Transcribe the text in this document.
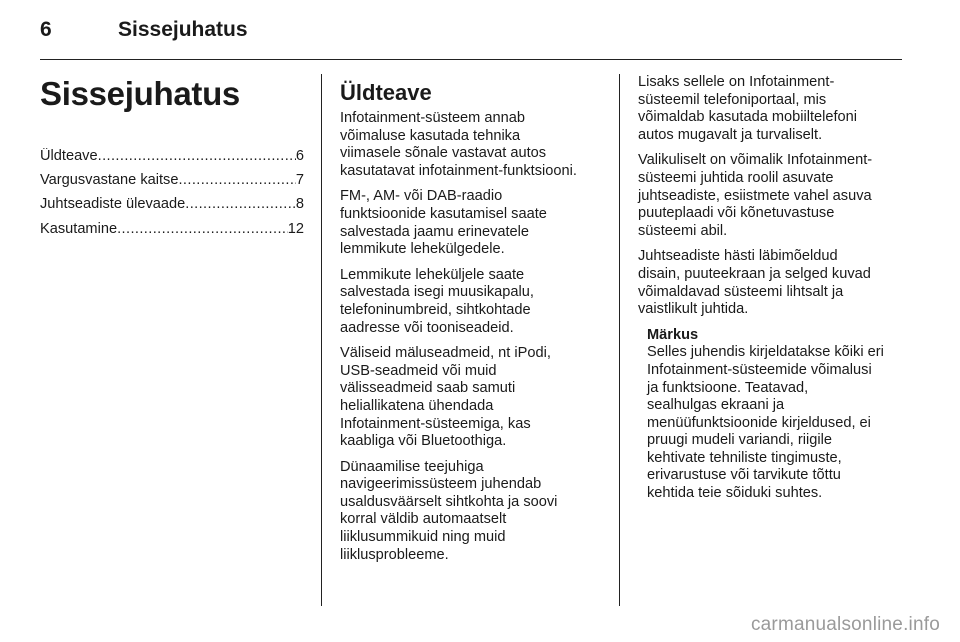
6	Sissejuhatus
Sissejuhatus
Üldteave .....	6
Vargusvastane kaitse .....	7
Juhtseadiste ülevaade .....	8
Kasutamine .....	12
Üldteave

Infotainment-süsteem annab
võimaluse kasutada tehnika
viimasele sõnale vastavat autos
kasutatavat infotainment-funktsiooni.

FM-, AM- või DAB-raadio
funktsioonide kasutamisel saate
salvestada jaamu erinevatele
lemmikute lehekülgedele.

Lemmikute leheküljele saate
salvestada isegi muusikapalu,
telefoninumbreid, sihtkohtade
aadresse või tooniseadeid.

Väliseid mäluseadmeid, nt iPodi,
USB-seadmeid või muid
välisseadmeid saab samuti
heliallikatena ühendada
Infotainment-süsteemiga, kas
kaabliga või Bluetoothiga.

Dünaamilise teejuhiga
navigeerimissüsteem juhendab
usaldusväärselt sihtkohta ja soovi
korral väldib automaatselt
liiklusummikuid ning muid
liiklusprobleeme.

Lisaks sellele on Infotainment-
süsteemil telefoniportaal, mis
võimaldab kasutada mobiiltelefoni
autos mugavalt ja turvaliselt.

Valikuliselt on võimalik Infotainment-
süsteemi juhtida roolil asuvate
juhtseadiste, esiistmete vahel asuva
puuteplaadi või kõnetuvastuse
süsteemi abil.

Juhtseadiste hästi läbimõeldud
disain, puuteekraan ja selged kuvad
võimaldavad süsteemi lihtsalt ja
vaistlikult juhtida.

Märkus

Selles juhendis kirjeldatakse kõiki eri
Infotainment-süsteemide võimalusi
ja funktsioone. Teatavad,
sealhulgas ekraani ja
menüüfunktsioonide kirjeldused, ei
pruugi mudeli variandi, riigile
kehtivate tehniliste tingimuste,
erivarustuse või tarvikute tõttu
kehtida teie sõiduki suhtes.

carmanualsonline.info
